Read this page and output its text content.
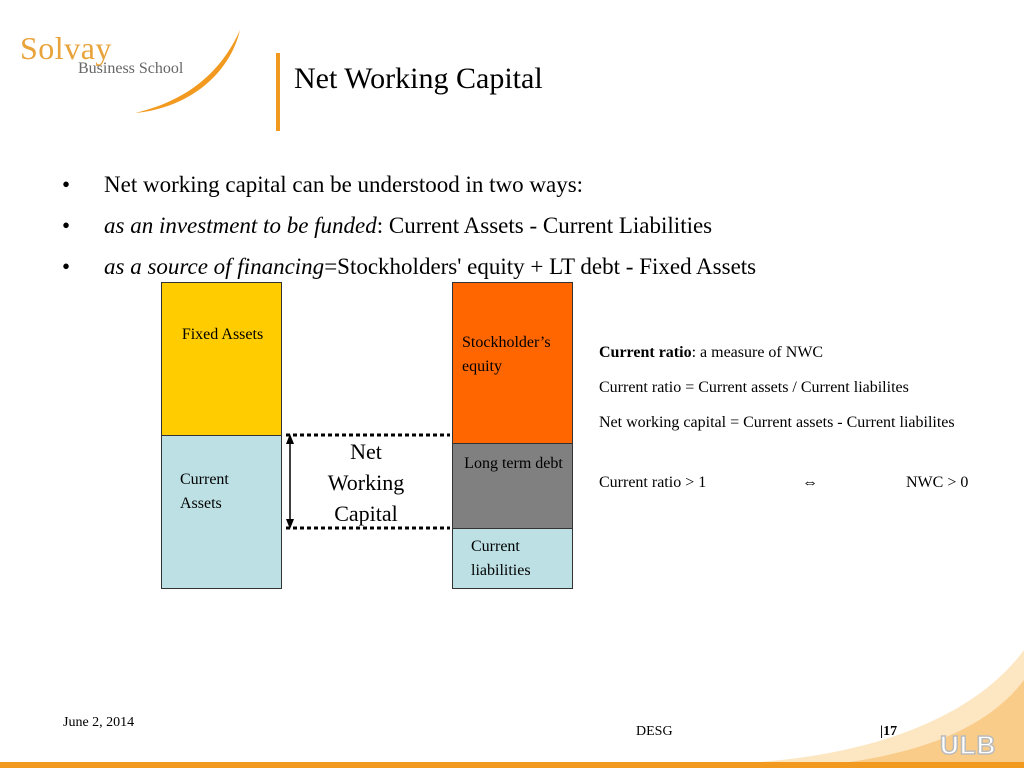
Solvay
Business School	Net Working Capital
• Net working capital can be understood in two ways:
• as an investment to be funded: Current Assets - Current Liabilities
• as a source of financing=Stockholders' equity + LT debt - Fixed Assets
Fixed Assets
Current Assets
Stockholder’s equity
Long term debt
Current liabilities
Net Working Capital
Current ratio: a measure of NWC
Current ratio = Current assets / Current liabilites
Net working capital = Current assets - Current liabilites
Current ratio > 1	⇔	NWC > 0
June 2, 2014
DESG	|17 ULB
